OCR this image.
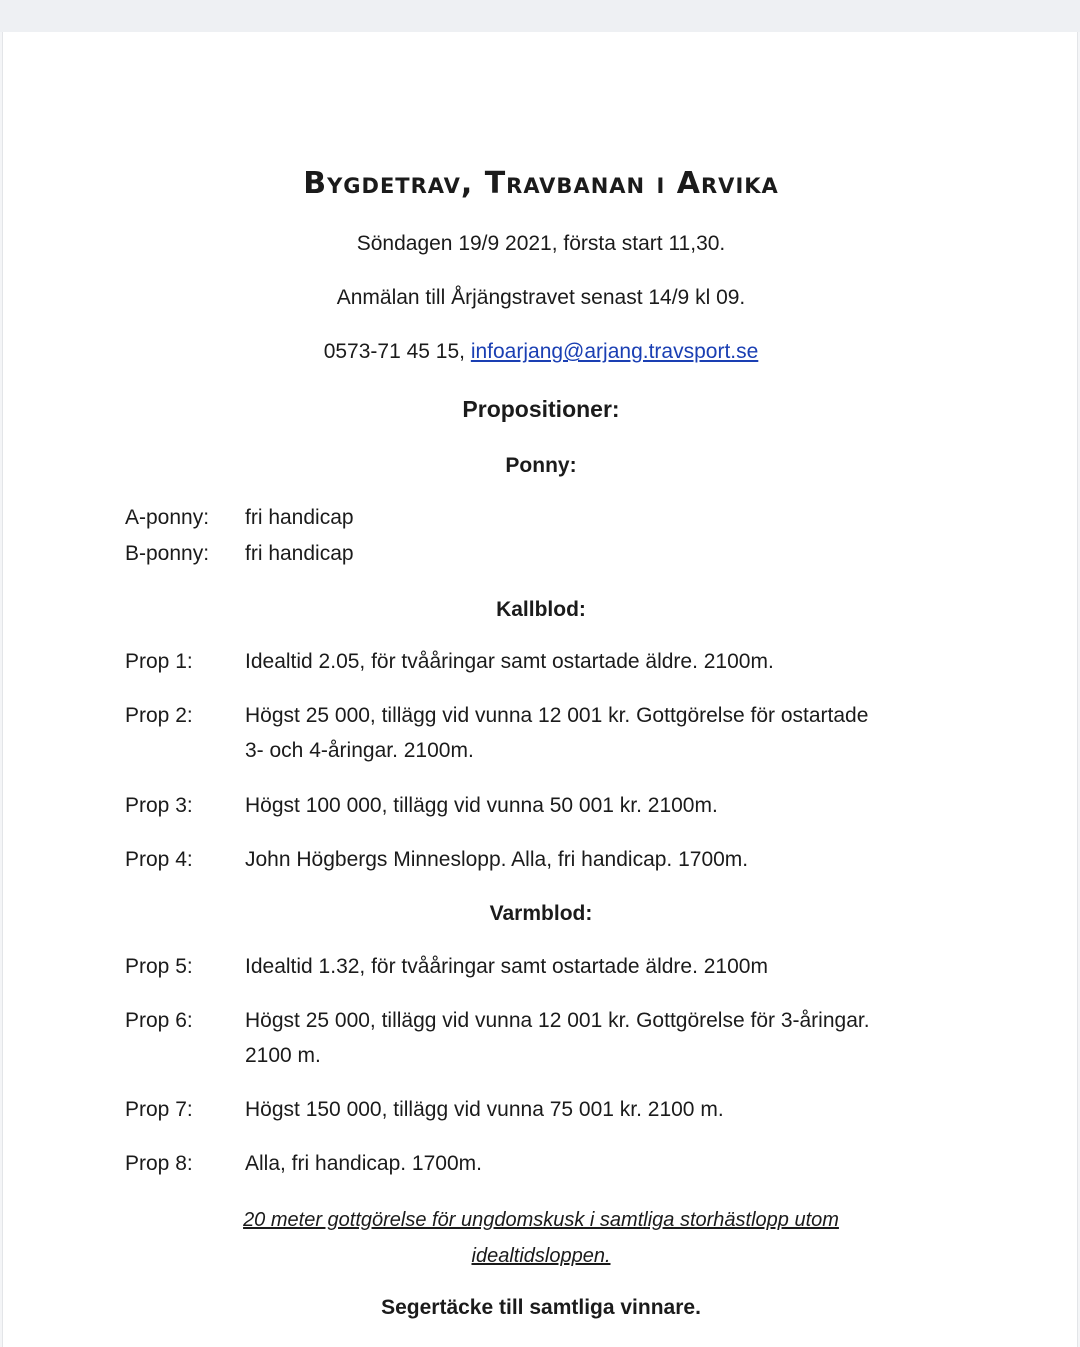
Bygdetrav, Travbanan i Arvika
Söndagen 19/9 2021, första start 11,30.
Anmälan till Årjängstravet senast 14/9 kl 09.
0573-71 45 15, infoarjang@arjang.travsport.se
Propositioner:
Ponny:
A-ponny: fri handicap
B-ponny: fri handicap
Kallblod:
Prop 1: Idealtid 2.05, för tvååringar samt ostartade äldre. 2100m.
Prop 2: Högst 25 000, tillägg vid vunna 12 001 kr. Gottgörelse för ostartade
3- och 4-åringar. 2100m.
Prop 3: Högst 100 000, tillägg vid vunna 50 001 kr. 2100m.
Prop 4: John Högbergs Minneslopp. Alla, fri handicap. 1700m.
Varmblod:
Prop 5: Idealtid 1.32, för tvååringar samt ostartade äldre. 2100m
Prop 6: Högst 25 000, tillägg vid vunna 12 001 kr. Gottgörelse för 3-åringar.
2100 m.
Prop 7: Högst 150 000, tillägg vid vunna 75 001 kr. 2100 m.
Prop 8: Alla, fri handicap. 1700m.
20 meter gottgörelse för ungdomskusk i samtliga storhästlopp utom
idealtidsloppen.
Segertäcke till samtliga vinnare.
